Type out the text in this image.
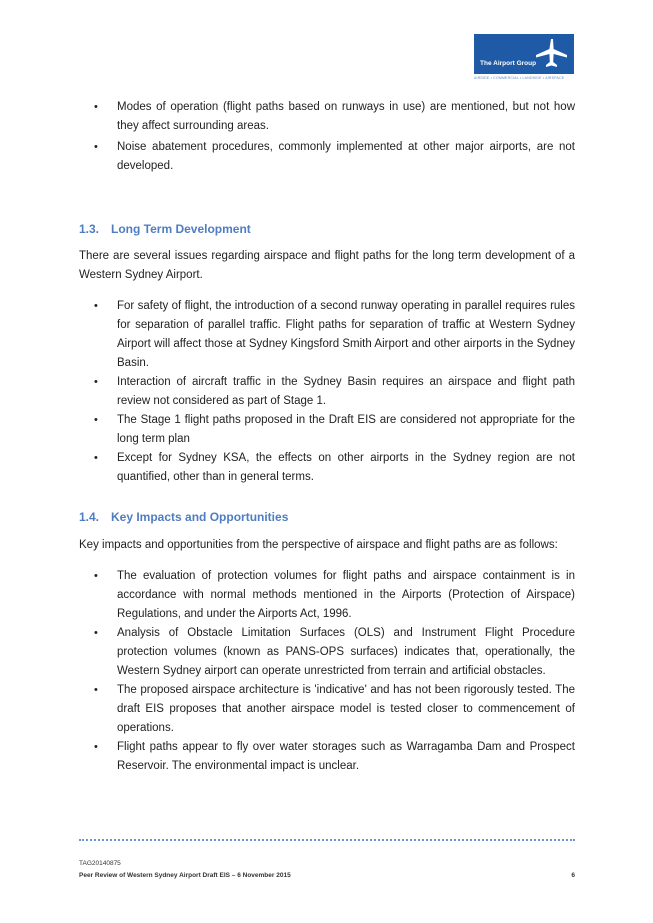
The Airport Group
AIRSIDE • COMMERCIAL • LANDSIDE • AIRSPACE
• Modes of operation (flight paths based on runways in use) are mentioned, but not how they affect surrounding areas.
• Noise abatement procedures, commonly implemented at other major airports, are not developed.
1.3. Long Term Development

There are several issues regarding airspace and flight paths for the long term development of a Western Sydney Airport.

• For safety of flight, the introduction of a second runway operating in parallel requires rules for separation of parallel traffic. Flight paths for separation of traffic at Western Sydney Airport will affect those at Sydney Kingsford Smith Airport and other airports in the Sydney Basin.
• Interaction of aircraft traffic in the Sydney Basin requires an airspace and flight path review not considered as part of Stage 1.
• The Stage 1 flight paths proposed in the Draft EIS are considered not appropriate for the long term plan
• Except for Sydney KSA, the effects on other airports in the Sydney region are not quantified, other than in general terms.
1.4. Key Impacts and Opportunities

Key impacts and opportunities from the perspective of airspace and flight paths are as follows:

• The evaluation of protection volumes for flight paths and airspace containment is in accordance with normal methods mentioned in the Airports (Protection of Airspace) Regulations, and under the Airports Act, 1996.
• Analysis of Obstacle Limitation Surfaces (OLS) and Instrument Flight Procedure protection volumes (known as PANS-OPS surfaces) indicates that, operationally, the Western Sydney airport can operate unrestricted from terrain and artificial obstacles.
• The proposed airspace architecture is 'indicative' and has not been rigorously tested. The draft EIS proposes that another airspace model is tested closer to commencement of operations.
• Flight paths appear to fly over water storages such as Warragamba Dam and Prospect Reservoir. The environmental impact is unclear.
TAG20140875
Peer Review of Western Sydney Airport Draft EIS – 6 November 2015	6
